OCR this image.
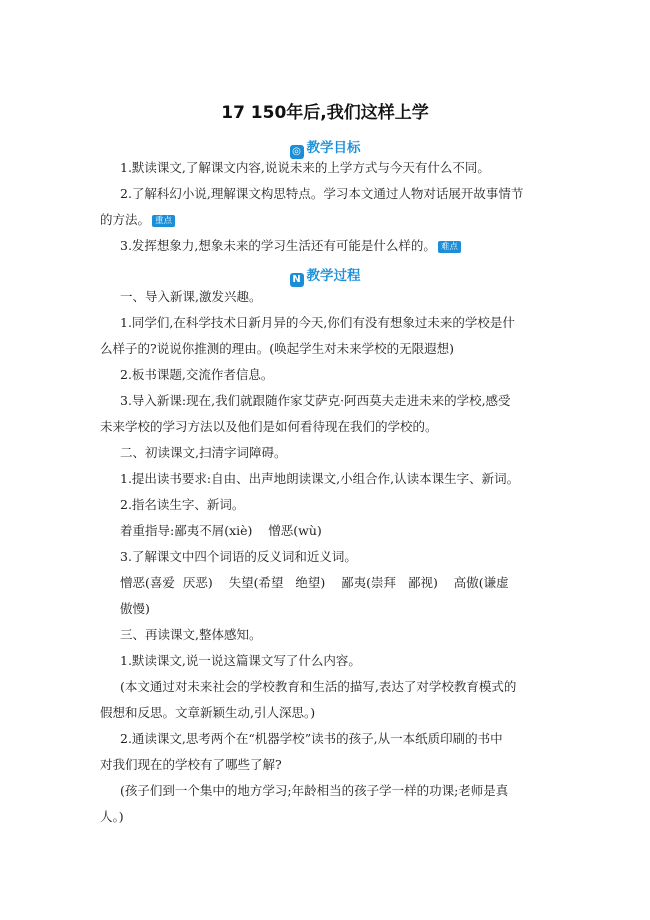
17 150年后,我们这样上学
◎ 教学目标
1.默读课文,了解课文内容,说说未来的上学方式与今天有什么不同。
2.了解科幻小说,理解课文构思特点。学习本文通过人物对话展开故事情节
的方法。 重点
3.发挥想象力,想象未来的学习生活还有可能是什么样的。 难点
N 教学过程
一、导入新课,激发兴趣。
1.同学们,在科学技术日新月异的今天,你们有没有想象过未来的学校是什
么样子的?说说你推测的理由。(唤起学生对未来学校的无限遐想)
2.板书课题,交流作者信息。
3.导入新课:现在,我们就跟随作家艾萨克·阿西莫夫走进未来的学校,感受
未来学校的学习方法以及他们是如何看待现在我们的学校的。
二、初读课文,扫清字词障碍。
1.提出读书要求:自由、出声地朗读课文,小组合作,认读本课生字、新词。
2.指名读生字、新词。
着重指导:鄙夷不屑(xiè)    憎恶(wù)
3.了解课文中四个词语的反义词和近义词。
憎恶(喜爱  厌恶)    失望(希望   绝望)    鄙夷(崇拜   鄙视)    高傲(谦虚
傲慢)
三、再读课文,整体感知。
1.默读课文,说一说这篇课文写了什么内容。
(本文通过对未来社会的学校教育和生活的描写,表达了对学校教育模式的
假想和反思。文章新颖生动,引人深思。)
2.通读课文,思考两个在“机器学校”读书的孩子,从一本纸质印刷的书中
对我们现在的学校有了哪些了解?
(孩子们到一个集中的地方学习;年龄相当的孩子学一样的功课;老师是真
人。)
